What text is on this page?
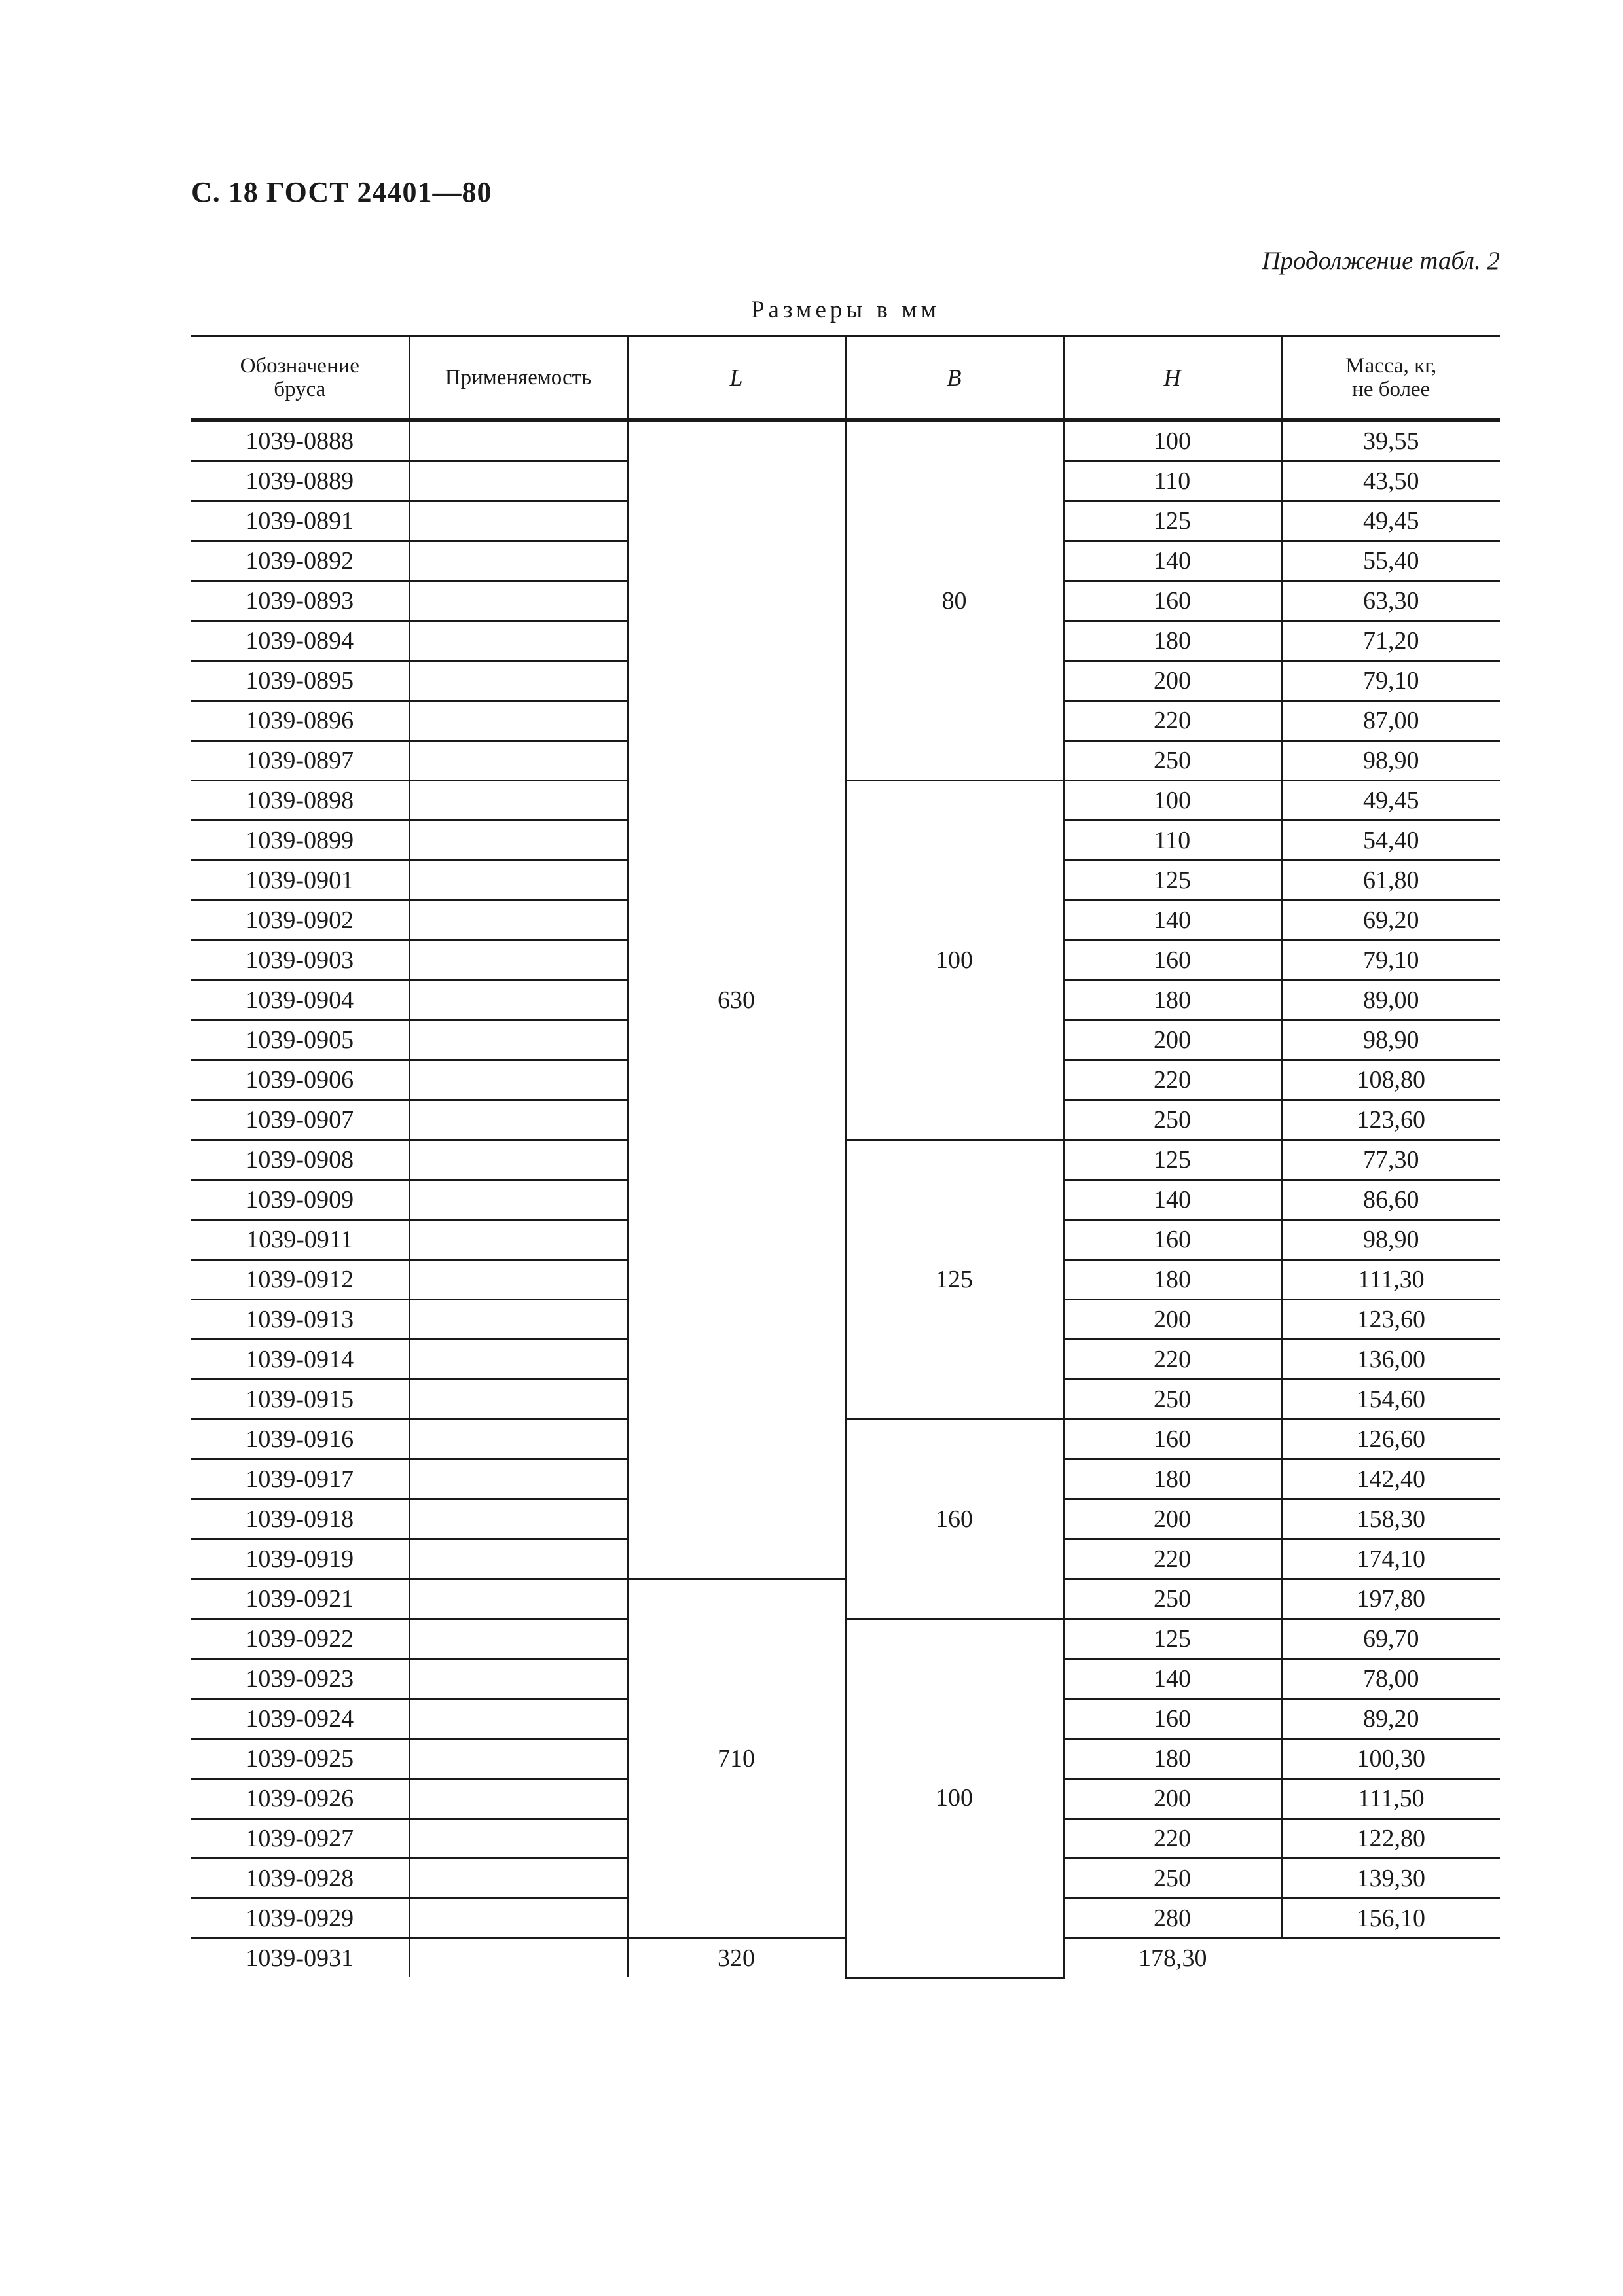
С. 18 ГОСТ 24401—80
Продолжение табл. 2
Размеры в мм
Обозначение
бруса	Применяемость	L	B	H	Масса, кг,
не более
1039-0888		630	80	100	39,55
1039-0889				110	43,50
1039-0891				125	49,45
1039-0892				140	55,40
1039-0893				160	63,30
1039-0894				180	71,20
1039-0895				200	79,10
1039-0896				220	87,00
1039-0897				250	98,90
1039-0898			100	100	49,45
1039-0899				110	54,40
1039-0901				125	61,80
1039-0902				140	69,20
1039-0903				160	79,10
1039-0904				180	89,00
1039-0905				200	98,90
1039-0906				220	108,80
1039-0907				250	123,60
1039-0908			125	125	77,30
1039-0909				140	86,60
1039-0911				160	98,90
1039-0912				180	111,30
1039-0913				200	123,60
1039-0914				220	136,00
1039-0915				250	154,60
1039-0916			160	160	126,60
1039-0917				180	142,40
1039-0918				200	158,30
1039-0919				220	174,10
1039-0921		710		250	197,80
1039-0922			100	125	69,70
1039-0923				140	78,00
1039-0924				160	89,20
1039-0925				180	100,30
1039-0926				200	111,50
1039-0927				220	122,80
1039-0928				250	139,30
1039-0929				280	156,10
1039-0931		320		178,30	
